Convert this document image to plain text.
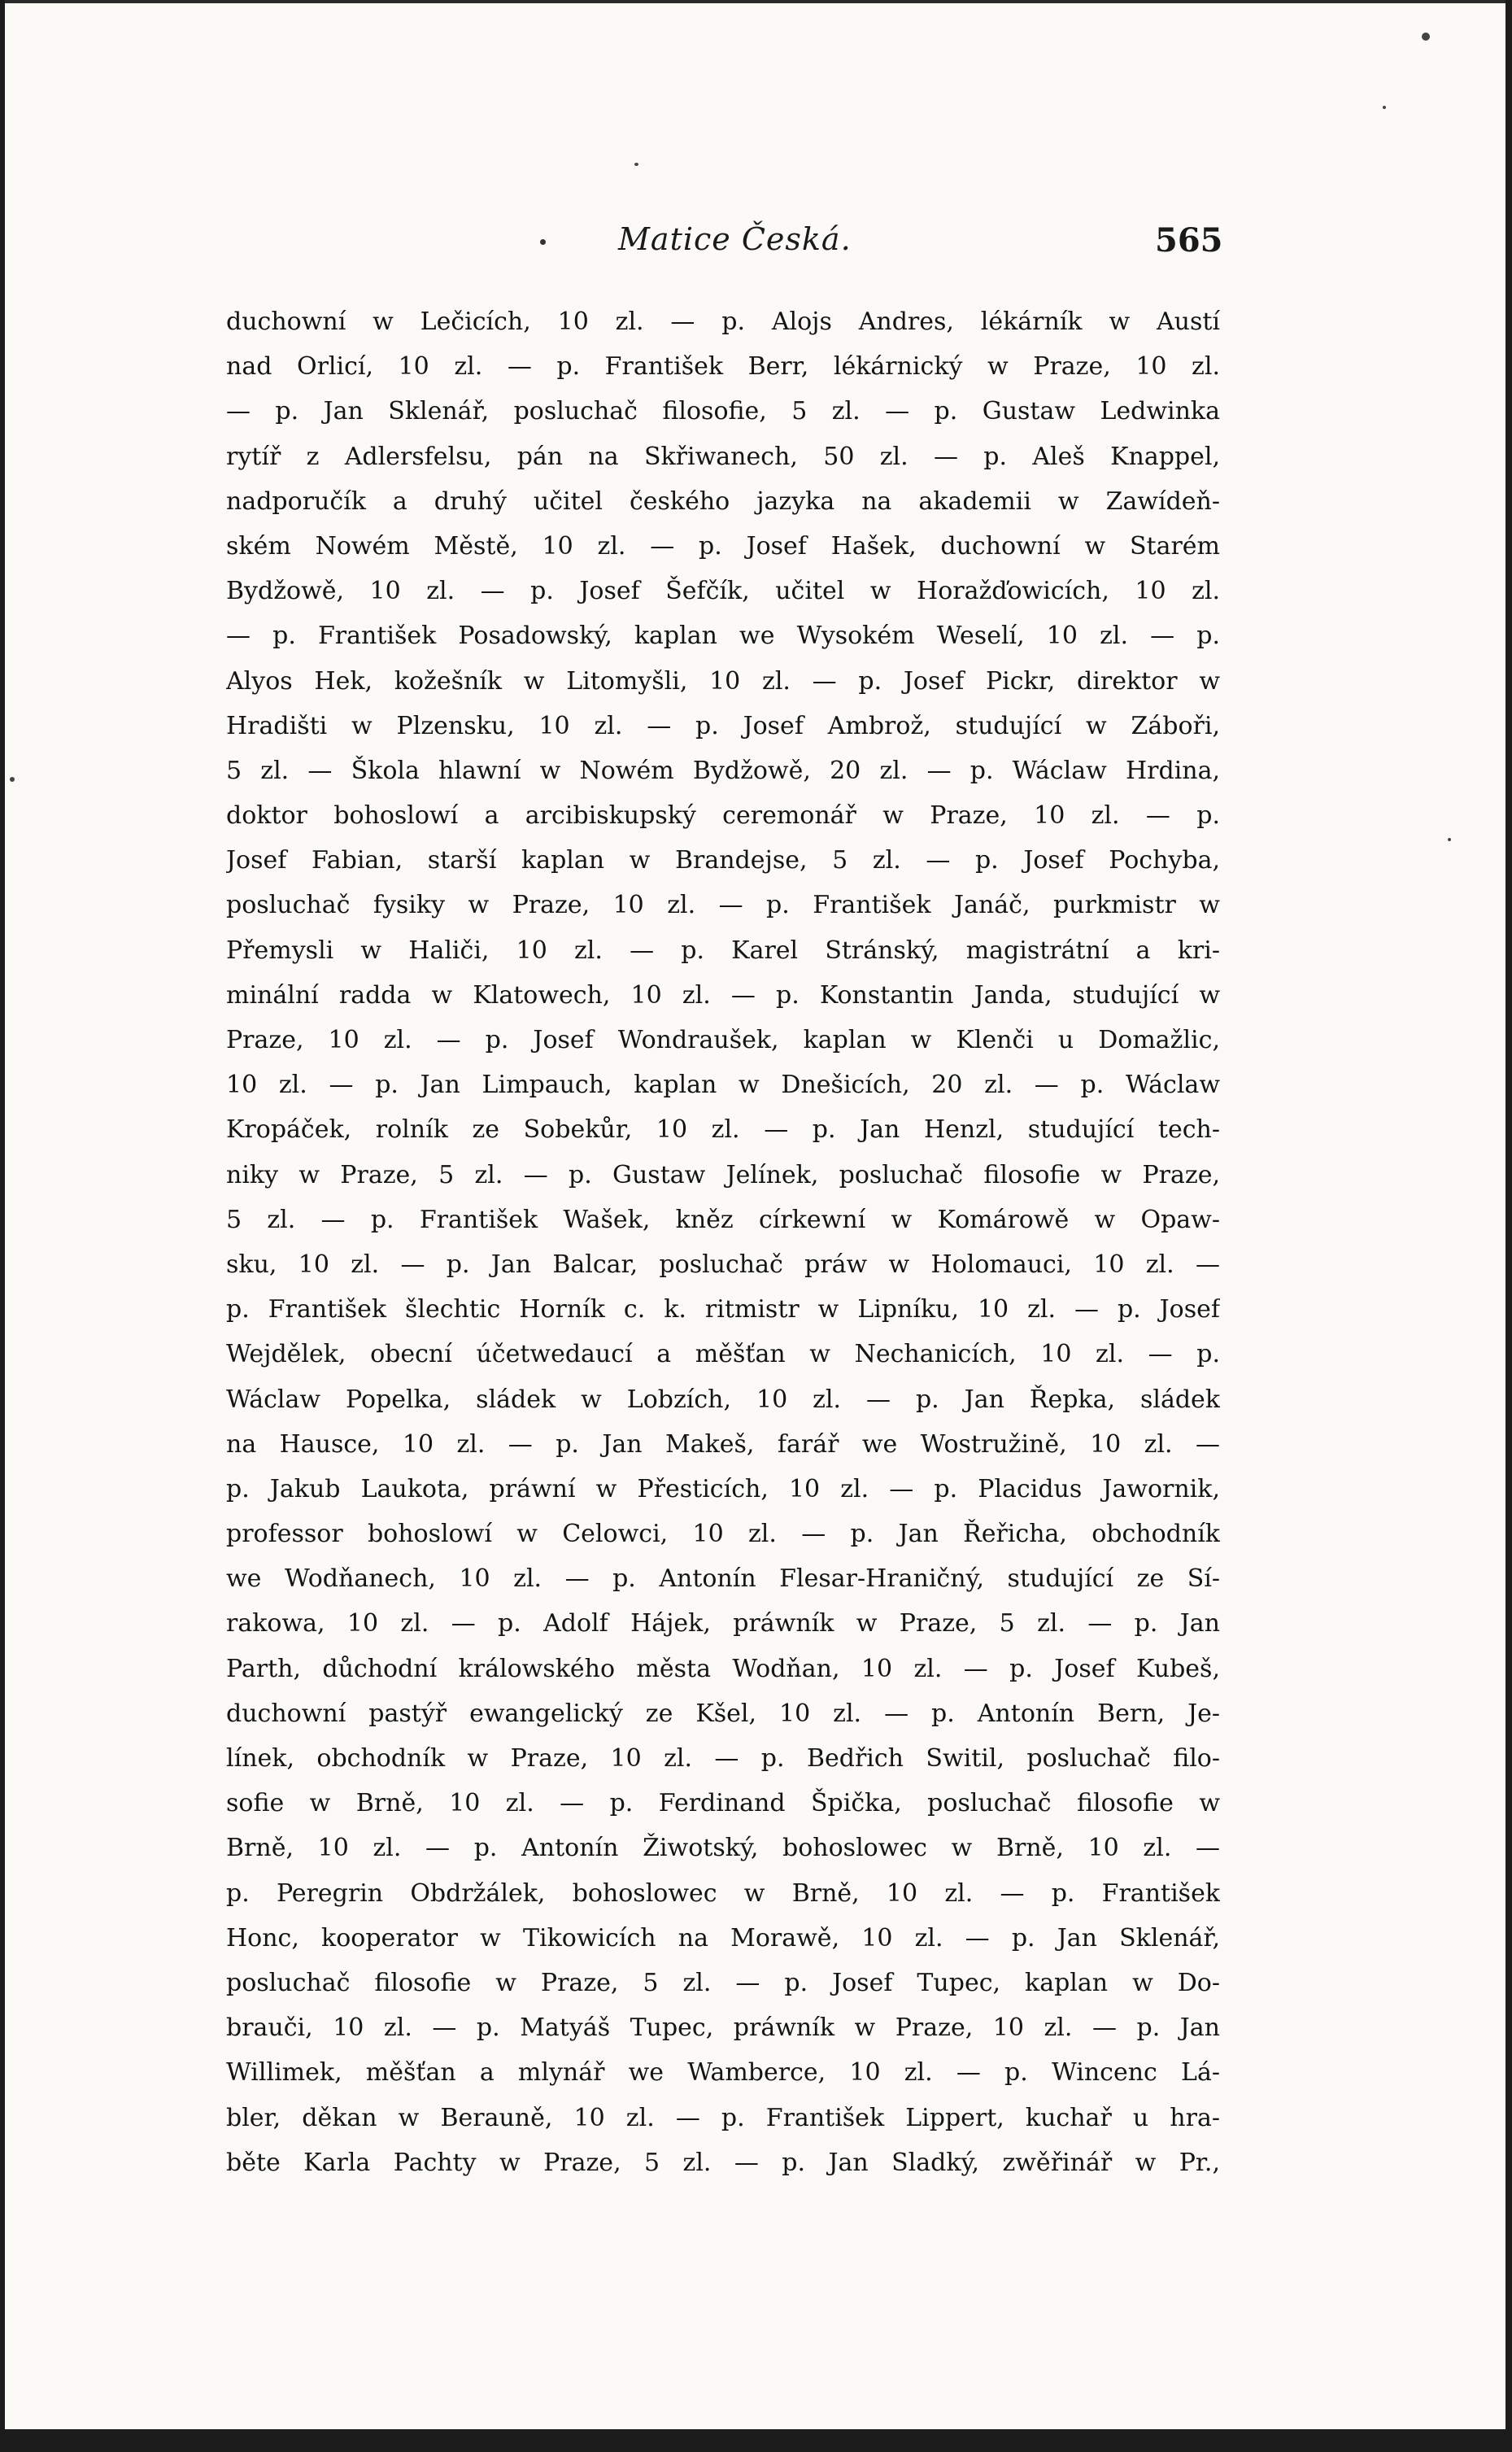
Matice Česká.	565
duchowní w Lečicích, 10 zl. — p. Alojs Andres, lékárník w Austí
nad Orlicí, 10 zl. — p. František Berr, lékárnický w Praze, 10 zl.
— p. Jan Sklenář, posluchač filosofie, 5 zl. — p. Gustaw Ledwinka
rytíř z Adlersfelsu, pán na Skřiwanech, 50 zl. — p. Aleš Knappel,
nadporučík a druhý učitel českého jazyka na akademii w Zawídeň-
ském Nowém Městě, 10 zl. — p. Josef Hašek, duchowní w Starém
Bydžowě, 10 zl. — p. Josef Šefčík, učitel w Horažďowicích, 10 zl.
— p. František Posadowský, kaplan we Wysokém Weselí, 10 zl. — p.
Alyos Hek, kožešník w Litomyšli, 10 zl. — p. Josef Pickr, direktor w
Hradišti w Plzensku, 10 zl. — p. Josef Ambrož, studující w Záboři,
5 zl. — Škola hlawní w Nowém Bydžowě, 20 zl. — p. Wáclaw Hrdina,
doktor bohoslowí a arcibiskupský ceremonář w Praze, 10 zl. — p.
Josef Fabian, starší kaplan w Brandejse, 5 zl. — p. Josef Pochyba,
posluchač fysiky w Praze, 10 zl. — p. František Janáč, purkmistr w
Přemysli w Haliči, 10 zl. — p. Karel Stránský, magistrátní a kri-
minální radda w Klatowech, 10 zl. — p. Konstantin Janda, studující w
Praze, 10 zl. — p. Josef Wondraušek, kaplan w Klenči u Domažlic,
10 zl. — p. Jan Limpauch, kaplan w Dnešicích, 20 zl. — p. Wáclaw
Kropáček, rolník ze Sobekůr, 10 zl. — p. Jan Henzl, studující tech-
niky w Praze, 5 zl. — p. Gustaw Jelínek, posluchač filosofie w Praze,
5 zl. — p. František Wašek, kněz církewní w Komárowě w Opaw-
sku, 10 zl. — p. Jan Balcar, posluchač práw w Holomauci, 10 zl. —
p. František šlechtic Horník c. k. ritmistr w Lipníku, 10 zl. — p. Josef
Wejdělek, obecní účetwedaucí a měšťan w Nechanicích, 10 zl. — p.
Wáclaw Popelka, sládek w Lobzích, 10 zl. — p. Jan Řepka, sládek
na Hausce, 10 zl. — p. Jan Makeš, farář we Wostružině, 10 zl. —
p. Jakub Laukota, práwní w Přesticích, 10 zl. — p. Placidus Jawornik,
professor bohoslowí w Celowci, 10 zl. — p. Jan Řeřicha, obchodník
we Wodňanech, 10 zl. — p. Antonín Flesar-Hraničný, studující ze Sí-
rakowa, 10 zl. — p. Adolf Hájek, práwník w Praze, 5 zl. — p. Jan
Parth, důchodní králowského města Wodňan, 10 zl. — p. Josef Kubeš,
duchowní pastýř ewangelický ze Kšel, 10 zl. — p. Antonín Bern, Je-
línek, obchodník w Praze, 10 zl. — p. Bedřich Switil, posluchač filo-
sofie w Brně, 10 zl. — p. Ferdinand Špička, posluchač filosofie w
Brně, 10 zl. — p. Antonín Žiwotský, bohoslowec w Brně, 10 zl. —
p. Peregrin Obdržálek, bohoslowec w Brně, 10 zl. — p. František
Honc, kooperator w Tikowicích na Morawě, 10 zl. — p. Jan Sklenář,
posluchač filosofie w Praze, 5 zl. — p. Josef Tupec, kaplan w Do-
brauči, 10 zl. — p. Matyáš Tupec, práwník w Praze, 10 zl. — p. Jan
Willimek, měšťan a mlynář we Wamberce, 10 zl. — p. Wincenc Lá-
bler, děkan w Berauně, 10 zl. — p. František Lippert, kuchař u hra-
běte Karla Pachty w Praze, 5 zl. — p. Jan Sladký, zwěřinář w Pr.,
